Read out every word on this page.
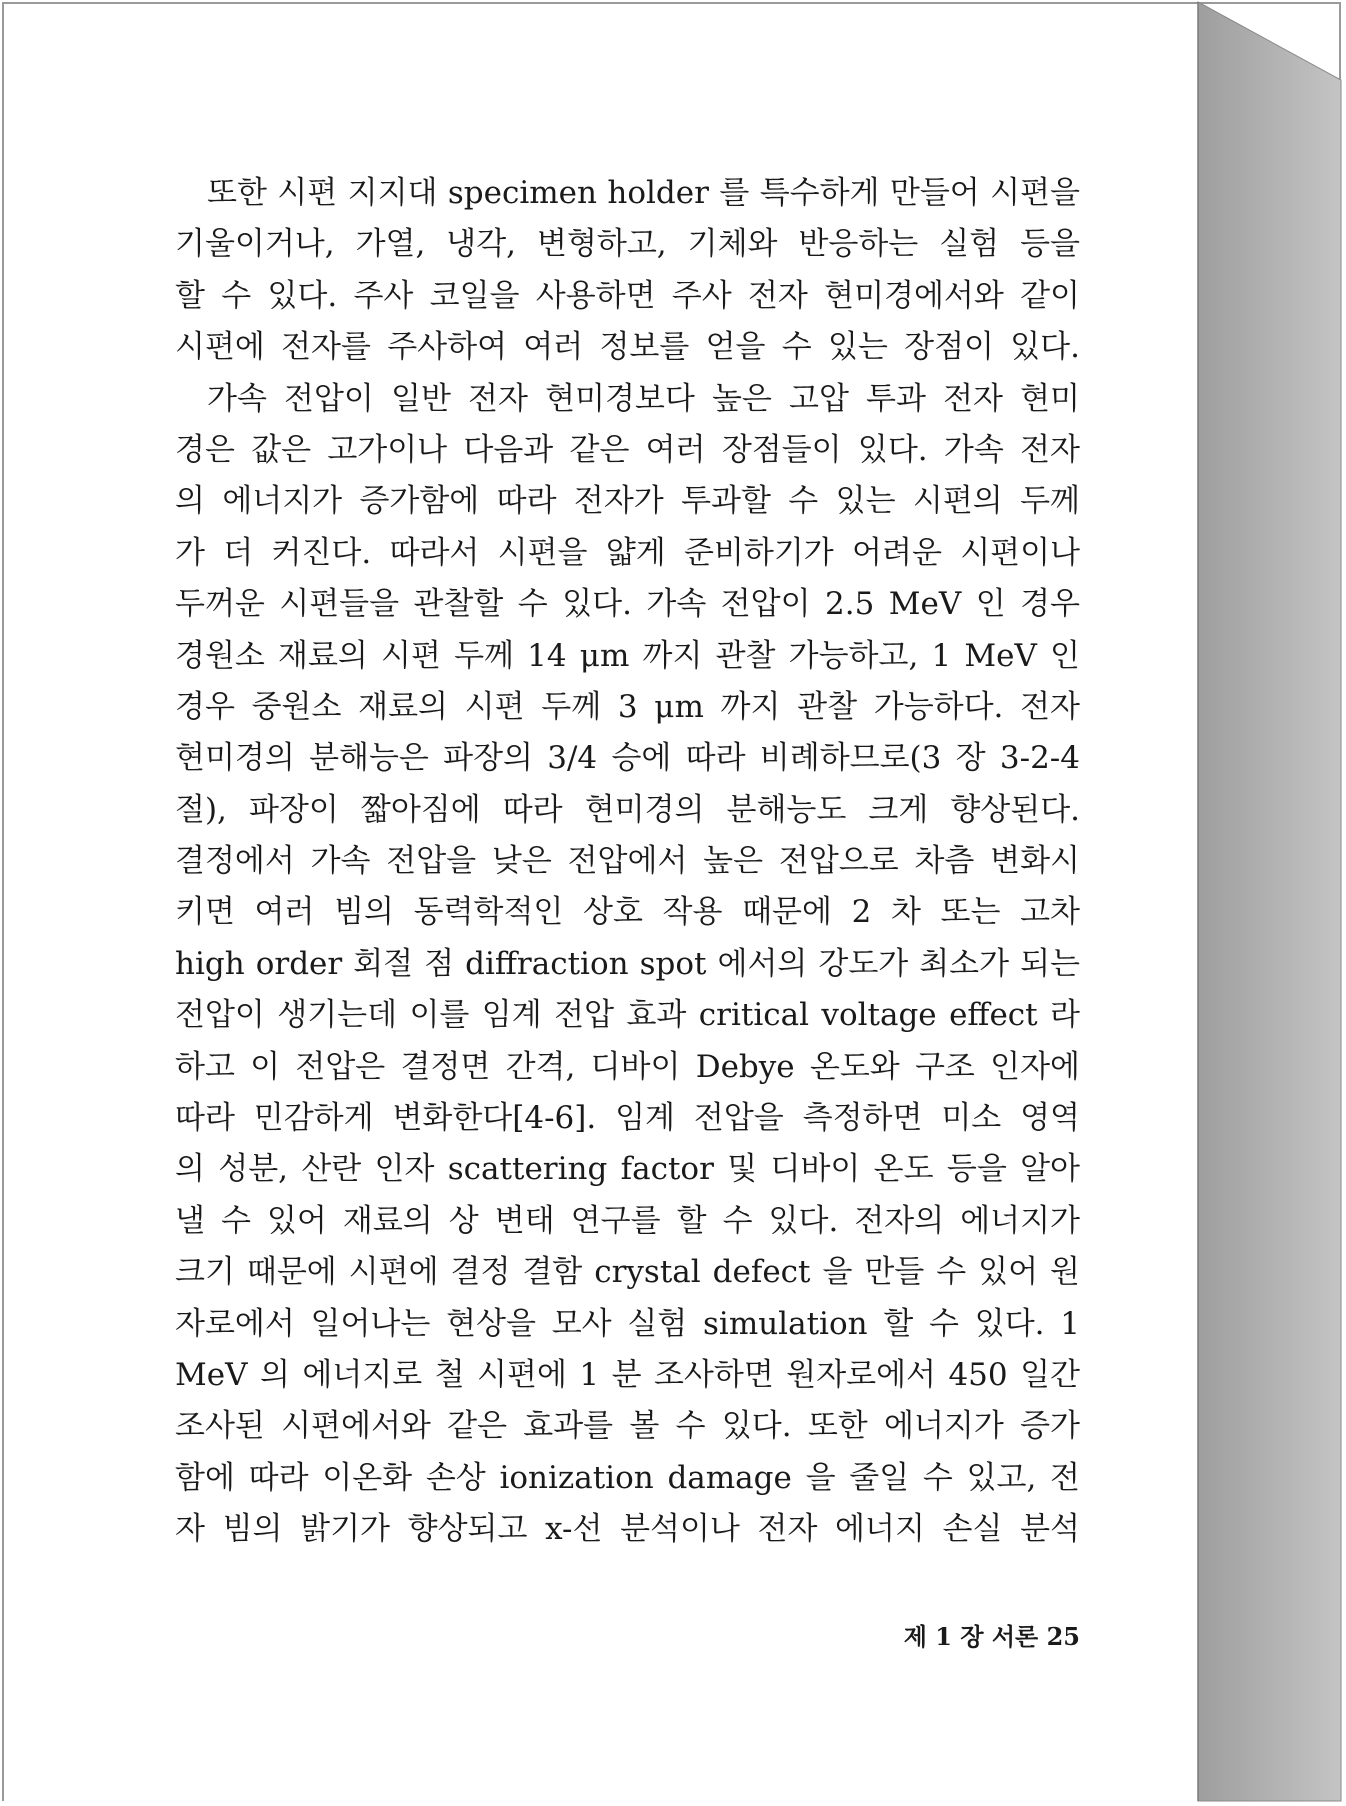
또한 시편 지지대 specimen holder 를 특수하게 만들어 시편을
기울이거나, 가열, 냉각, 변형하고, 기체와 반응하는 실험 등을
할 수 있다. 주사 코일을 사용하면 주사 전자 현미경에서와 같이
시편에 전자를 주사하여 여러 정보를 얻을 수 있는 장점이 있다.
가속 전압이 일반 전자 현미경보다 높은 고압 투과 전자 현미
경은 값은 고가이나 다음과 같은 여러 장점들이 있다. 가속 전자
의 에너지가 증가함에 따라 전자가 투과할 수 있는 시편의 두께
가 더 커진다. 따라서 시편을 얇게 준비하기가 어려운 시편이나
두꺼운 시편들을 관찰할 수 있다. 가속 전압이 2.5 MeV 인 경우
경원소 재료의 시편 두께 14 μm 까지 관찰 가능하고, 1 MeV 인
경우 중원소 재료의 시편 두께 3 μm 까지 관찰 가능하다. 전자
현미경의 분해능은 파장의 3/4 승에 따라 비례하므로(3 장 3-2-4
절), 파장이 짧아짐에 따라 현미경의 분해능도 크게 향상된다.
결정에서 가속 전압을 낮은 전압에서 높은 전압으로 차츰 변화시
키면 여러 빔의 동력학적인 상호 작용 때문에 2 차 또는 고차
high order 회절 점 diffraction spot 에서의 강도가 최소가 되는
전압이 생기는데 이를 임계 전압 효과 critical voltage effect 라
하고 이 전압은 결정면 간격, 디바이 Debye 온도와 구조 인자에
따라 민감하게 변화한다[4-6]. 임계 전압을 측정하면 미소 영역
의 성분, 산란 인자 scattering factor 및 디바이 온도 등을 알아
낼 수 있어 재료의 상 변태 연구를 할 수 있다. 전자의 에너지가
크기 때문에 시편에 결정 결함 crystal defect 을 만들 수 있어 원
자로에서 일어나는 현상을 모사 실험 simulation 할 수 있다. 1
MeV 의 에너지로 철 시편에 1 분 조사하면 원자로에서 450 일간
조사된 시편에서와 같은 효과를 볼 수 있다. 또한 에너지가 증가
함에 따라 이온화 손상 ionization damage 을 줄일 수 있고, 전
자 빔의 밝기가 향상되고 x-선 분석이나 전자 에너지 손실 분석
제 1 장 서론 25
